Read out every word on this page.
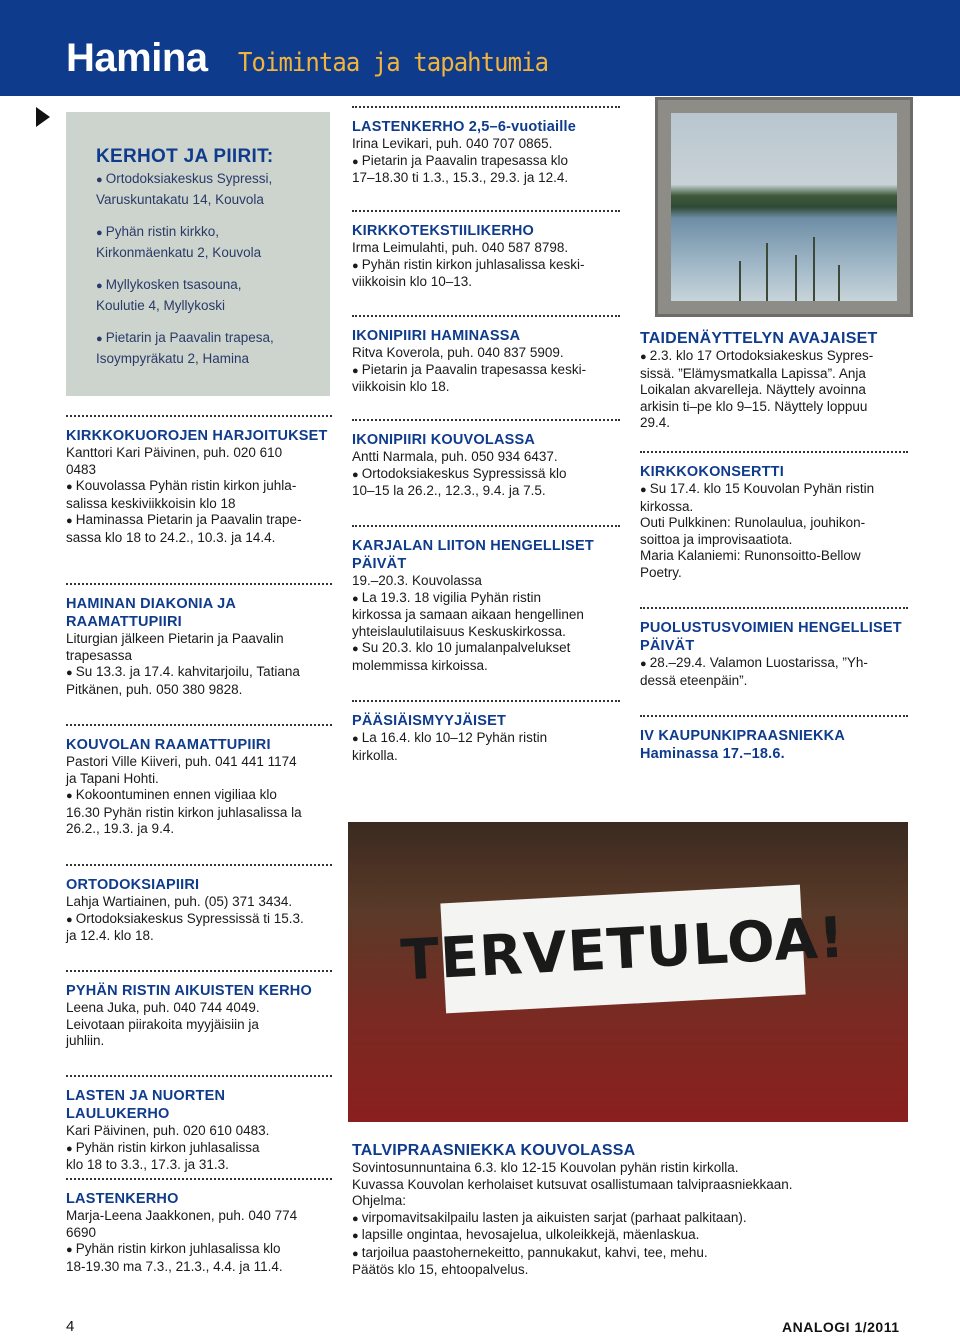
Hamina Toimintaa ja tapahtumia
KERHOT JA PIIRIT:
● Ortodoksiakeskus Sypressi,
Varuskuntakatu 14, Kouvola
● Pyhän ristin kirkko,
Kirkonmäenkatu 2, Kouvola
● Myllykosken tsasouna,
Koulutie 4, Myllykoski
● Pietarin ja Paavalin trapesa,
Isoympyräkatu 2, Hamina
KIRKKOKUOROJEN HARJOITUKSET
Kanttori Kari Päivinen, puh. 020 610
0483
● Kouvolassa Pyhän ristin kirkon juhla-
salissa keskiviikkoisin klo 18
● Haminassa Pietarin ja Paavalin trape-
sassa klo 18 to 24.2., 10.3. ja 14.4.
HAMINAN DIAKONIA JA
RAAMATTUPIIRI
Liturgian jälkeen Pietarin ja Paavalin
trapesassa
● Su 13.3. ja 17.4. kahvitarjoilu, Tatiana
Pitkänen, puh. 050 380 9828.
KOUVOLAN RAAMATTUPIIRI
Pastori Ville Kiiveri, puh. 041 441 1174
ja Tapani Hohti.
● Kokoontuminen ennen vigiliaa klo
16.30 Pyhän ristin kirkon juhlasalissa la
26.2., 19.3. ja 9.4.
ORTODOKSIAPIIRI
Lahja Wartiainen, puh. (05) 371 3434.
● Ortodoksiakeskus Sypressissä ti 15.3.
ja 12.4. klo 18.
PYHÄN RISTIN AIKUISTEN KERHO
Leena Juka, puh. 040 744 4049.
Leivotaan piirakoita myyjäisiin ja
juhliin.
LASTEN JA NUORTEN LAULUKERHO
Kari Päivinen, puh. 020 610 0483.
● Pyhän ristin kirkon juhlasalissa
klo 18 to 3.3., 17.3. ja 31.3.
LASTENKERHO
Marja-Leena Jaakkonen, puh. 040 774
6690
● Pyhän ristin kirkon juhlasalissa klo
18-19.30 ma 7.3., 21.3., 4.4. ja 11.4.
LASTENKERHO 2,5–6-vuotiaille
Irina Levikari, puh. 040 707 0865.
● Pietarin ja Paavalin trapesassa klo
17–18.30 ti 1.3., 15.3., 29.3. ja 12.4.
KIRKKOTEKSTIILIKERHO
Irma Leimulahti, puh. 040 587 8798.
● Pyhän ristin kirkon juhlasalissa keski-
viikkoisin klo 10–13.
IKONIPIIRI HAMINASSA
Ritva Koverola, puh. 040 837 5909.
● Pietarin ja Paavalin trapesassa keski-
viikkoisin klo 18.
IKONIPIIRI KOUVOLASSA
Antti Narmala, puh. 050 934 6437.
● Ortodoksiakeskus Sypressissä klo
10–15 la 26.2., 12.3., 9.4. ja 7.5.
KARJALAN LIITON HENGELLISET
PÄIVÄT
19.–20.3. Kouvolassa
● La 19.3. 18 vigilia Pyhän ristin
kirkossa ja samaan aikaan hengellinen
yhteislaulutilaisuus Keskuskirkossa.
● Su 20.3. klo 10 jumalanpalvelukset
molemmissa kirkoissa.
PÄÄSIÄISMYYJÄISET
● La 16.4. klo 10–12 Pyhän ristin
kirkolla.
TAIDENÄYTTELYN AVAJAISET
● 2.3. klo 17 Ortodoksiakeskus Sypres-
sissä. ”Elämysmatkalla Lapissa”. Anja
Loikalan akvarelleja. Näyttely avoinna
arkisin ti–pe klo 9–15. Näyttely loppuu
29.4.
KIRKKOKONSERTTI
● Su 17.4. klo 15 Kouvolan Pyhän ristin
kirkossa.
Outi Pulkkinen: Runolaulua, jouhikon-
soittoa ja improvisaatiota.
Maria Kalaniemi: Runonsoitto-Bellow
Poetry.
PUOLUSTUSVOIMIEN HENGELLISET
PÄIVÄT
● 28.–29.4. Valamon Luostarissa, ”Yh-
dessä eteenpäin”.
IV KAUPUNKIPRAASNIEKKA
Haminassa 17.–18.6.
TERVETULOA!
TALVIPRAASNIEKKA KOUVOLASSA
Sovintosunnuntaina 6.3. klo 12-15 Kouvolan pyhän ristin kirkolla.
Kuvassa Kouvolan kerholaiset kutsuvat osallistumaan talvipraasniekkaan.
Ohjelma:
● virpomavitsakilpailu lasten ja aikuisten sarjat (parhaat palkitaan).
● lapsille ongintaa, hevosajelua, ulkoleikkejä, mäenlaskua.
● tarjoilua paastohernekeitto, pannukakut, kahvi, tee, mehu.
Päätös klo 15, ehtoopalvelus.
4	ANALOGI 1/2011
